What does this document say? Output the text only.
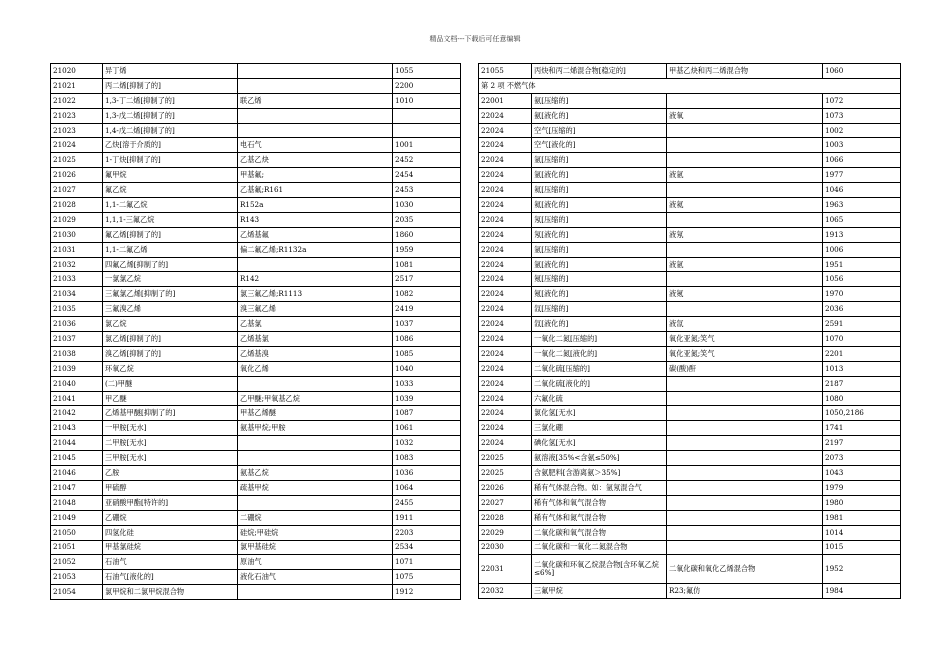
精品文档---下载后可任意编辑
21020	异丁烯		1055
21021	丙二烯[抑制了的]		2200
21022	1,3-丁二烯[抑制了的]	联乙烯	1010
21023	1,3-戊二烯[抑制了的]		
21023	1,4-戊二烯[抑制了的]		
21024	乙炔[溶于介质的]	电石气	1001
21025	1-丁炔[抑制了的]	乙基乙炔	2452
21026	氟甲烷	甲基氟;	2454
21027	氟乙烷	乙基氟;R161	2453
21028	1,1-二氟乙烷	R152a	1030
21029	1,1,1-三氟乙烷	R143	2035
21030	氟乙烯[抑制了的]	乙烯基氟	1860
21031	1,1-二氟乙烯	偏二氟乙烯;R1132a	1959
21032	四氟乙烯[抑制了的]		1081
21033	一氯氯乙烷	R142	2517
21034	三氟氯乙烯[抑制了的]	氯三氟乙烯;R1113	1082
21035	三氟溴乙烯	溴三氟乙烯	2419
21036	氯乙烷	乙基氯	1037
21037	氯乙烯[抑制了的]	乙烯基氯	1086
21038	溴乙烯[抑制了的]	乙烯基溴	1085
21039	环氧乙烷	氧化乙烯	1040
21040	(二)甲醚		1033
21041	甲乙醚	乙甲醚;甲氧基乙烷	1039
21042	乙烯基甲醚[抑制了的]	甲基乙烯醚	1087
21043	一甲胺[无水]	氨基甲烷;甲胺	1061
21044	二甲胺[无水]		1032
21045	三甲胺[无水]		1083
21046	乙胺	氨基乙烷	1036
21047	甲硫醇	疏基甲烷	1064
21048	亚硝酸甲酯[特许的]		2455
21049	乙硼烷	二硼烷	1911
21050	四氢化硅	硅烷;甲硅烷	2203
21051	甲基氯硅烷	氯甲基硅烷	2534
21052	石油气	原油气	1071
21053	石油气[液化的]	液化石油气	1075
21054	氯甲烷和二氯甲烷混合物		1912
21055	丙炔和丙二烯混合物[稳定的]	甲基乙炔和丙二烯混合物	1060
第 2 项 不燃气体			
22001	氨[压缩的]		1072
22024	氨[液化的]	液氧	1073
22024	空气[压缩的]		1002
22024	空气[液化的]		1003
22024	氩[压缩的]		1066
22024	氩[液化的]	液氩	1977
22024	氦[压缩的]		1046
22024	氦[液化的]	液氦	1963
22024	氖[压缩的]		1065
22024	氖[液化的]	液氖	1913
22024	氩[压缩的]		1006
22024	氩[液化的]	液氩	1951
22024	氪[压缩的]		1056
22024	氪[液化的]	液氪	1970
22024	氙[压缩的]		2036
22024	氙[液化的]	液氙	2591
22024	一氧化二氮[压缩的]	氧化亚氮;笑气	1070
22024	一氧化二氮[液化的]	氧化亚氮;笑气	2201
22024	二氧化硫[压缩的]	碳(酸)酐	1013
22024	二氧化硫[液化的]		2187
22024	六氟化硫		1080
22024	氯化氢[无水]		1050,2186
22024	三氯化硼		1741
22024	碘化氢[无水]		2197
22025	氨溶液[35%<含氨≤50%]		2073
22025	含氨肥料[含游离氨＞35%]		1043
22026	稀有气体混合物。如：氩氖混合气		1979
22027	稀有气体和氧气混合物		1980
22028	稀有气体和氮气混合物		1981
22029	二氧化碳和氧气混合物		1014
22030	二氧化碳和一氧化二氮混合物		1015
22031	二氧化碳和环氧乙烷混合物[含环氧乙烷≤6%]	二氧化碳和氧化乙烯混合物	1952
22032	三氟甲烷	R23;氟仿	1984
